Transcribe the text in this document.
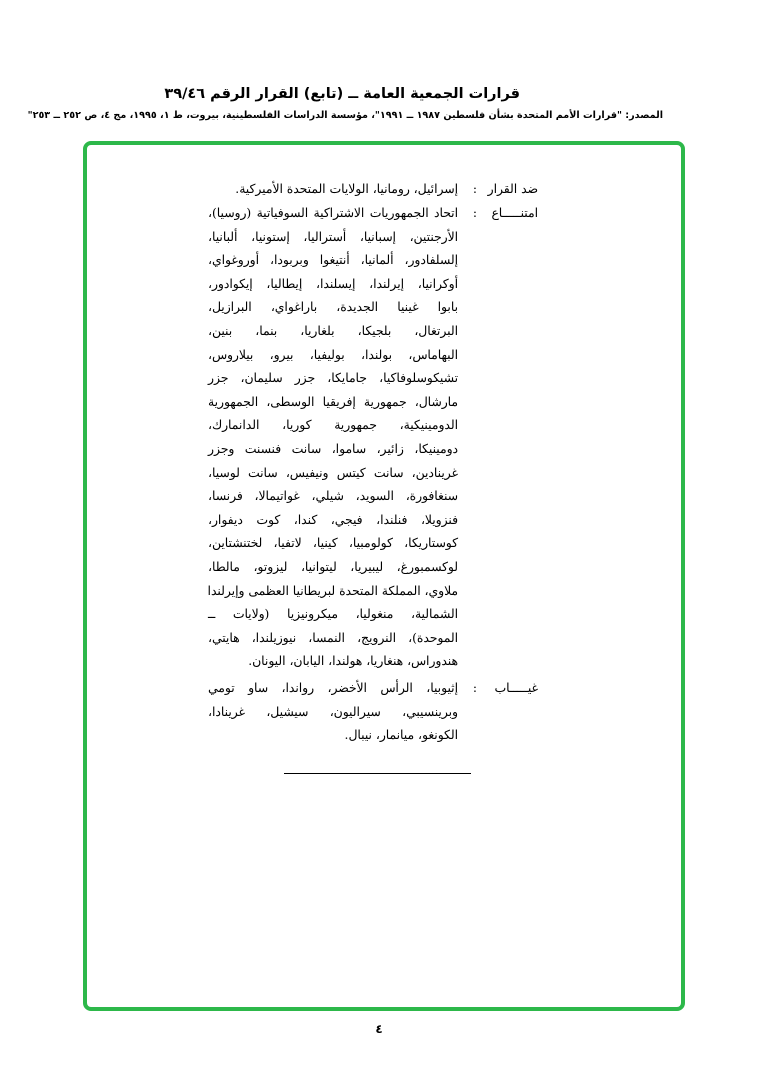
قرارات الجمعية العامة ــ (تابع) القرار الرقم ٣٩/٤٦
المصدر: "قرارات الأمم المتحدة بشأن فلسطين ١٩٨٧ ــ ١٩٩١"، مؤسسة الدراسات الفلسطينية، بيروت، ط ١، ١٩٩٥، مج ٤، ص ٢٥٢ ــ ٢٥٣"
ضد القرار
:
إسرائيل، رومانيا، الولايات المتحدة الأميركية.
امتنـــــاع
:
اتحاد الجمهوريات الاشتراكية السوفياتية (روسيا)،
الأرجنتين، إسبانيا، أستراليا، إستونيا، ألبانيا،
إلسلفادور، ألمانيا، أنتيغوا وبربودا، أوروغواي،
أوكرانيا، إيرلندا، إيسلندا، إيطاليا، إيكوادور،
بابوا غينيا الجديدة، باراغواي، البرازيل،
البرتغال، بلجيكا، بلغاريا، بنما، بنين،
البهاماس، بولندا، بوليفيا، بيرو، بيلاروس،
تشيكوسلوفاكيا، جامايكا، جزر سليمان، جزر
مارشال، جمهورية إفريقيا الوسطى، الجمهورية
الدومينيكية، جمهورية كوريا، الدانمارك،
دومينيكا، زائير، ساموا، سانت فنسنت وجزر
غرينادين، سانت كيتس ونيفيس، سانت لوسيا،
سنغافورة، السويد، شيلي، غواتيمالا، فرنسا،
فنزويلا، فنلندا، فيجي، كندا، كوت ديفوار،
كوستاريكا، كولومبيا، كينيا، لاتفيا، لختنشتاين،
لوكسمبورغ، ليبيريا، ليتوانيا، ليزوتو، مالطا،
ملاوي، المملكة المتحدة لبريطانيا العظمى وإيرلندا
الشمالية، منغوليا، ميكرونيزيا (ولايات ــ
الموحدة)، النرويج، النمسا، نيوزيلندا، هايتي،
هندوراس، هنغاريا، هولندا، اليابان، اليونان.
غيـــــاب
:
إثيوبيا، الرأس الأخضر، رواندا، ساو تومي
وبرينسيبي، سيراليون، سيشيل، غرينادا،
الكونغو، ميانمار، نيبال.
٤
